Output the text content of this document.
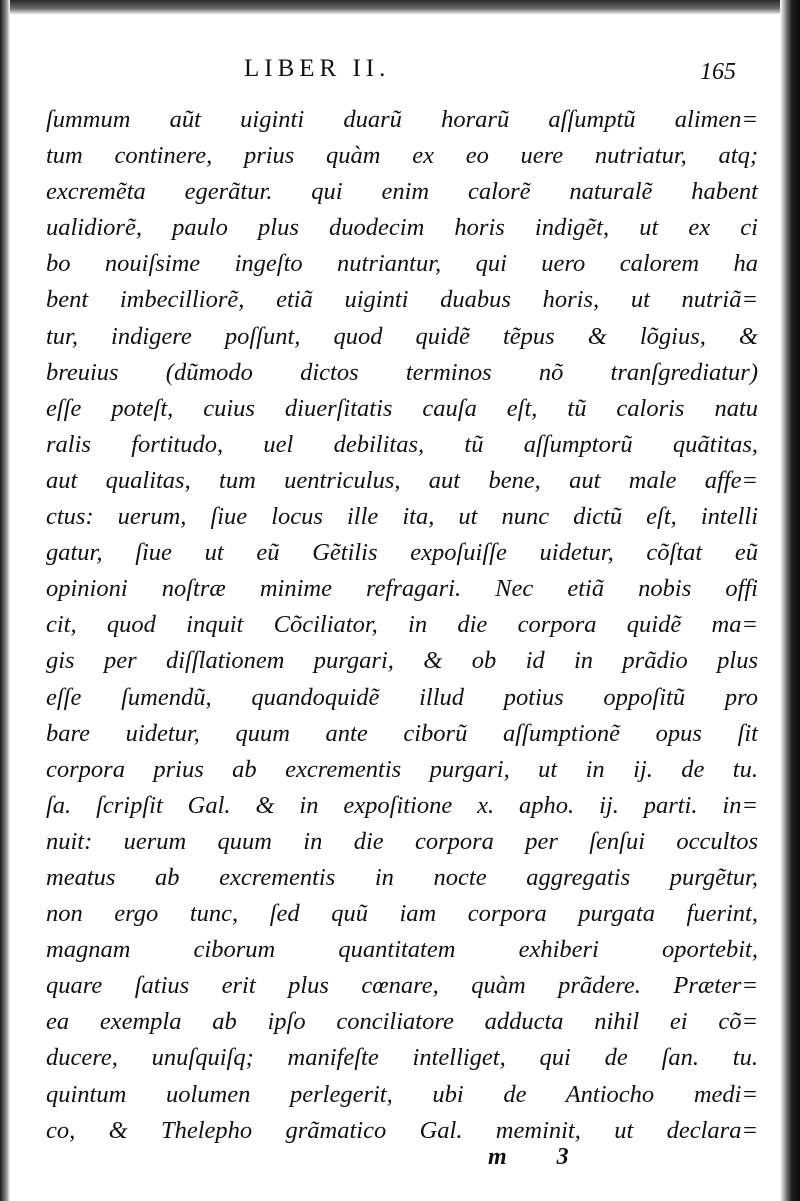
LIBER II.	165
ſummum aũt uiginti duarũ horarũ aſſumptũ alimen=
tum continere, prius quàm ex eo uere nutriatur, atq;
excremẽta egerãtur. qui enim calorẽ naturalẽ habent
ualidiorẽ, paulo plus duodecim horis indigẽt, ut ex ci
bo nouiſsime ingeſto nutriantur, qui uero calorem ha
bent imbecilliorẽ, etiã uiginti duabus horis, ut nutriã=
tur, indigere poſſunt, quod quidẽ tẽpus & lõgius, &
breuius (dũmodo dictos terminos nõ tranſgrediatur)
eſſe poteſt, cuius diuerſitatis cauſa eſt, tũ caloris natu
ralis fortitudo, uel debilitas, tũ aſſumptorũ quãtitas,
aut qualitas, tum uentriculus, aut bene, aut male affe=
ctus: uerum, ſiue locus ille ita, ut nunc dictũ eſt, intelli
gatur, ſiue ut eũ Gẽtilis expoſuiſſe uidetur, cõſtat eũ
opinioni noſtræ minime refragari. Nec etiã nobis offi
cit, quod inquit Cõciliator, in die corpora quidẽ ma=
gis per diſſlationem purgari, & ob id in prãdio plus
eſſe ſumendũ, quandoquidẽ illud potius oppoſitũ pro
bare uidetur, quum ante ciborũ aſſumptionẽ opus ſit
corpora prius ab excrementis purgari, ut in ij. de tu.
ſa. ſcripſit Gal. & in expoſitione x. apho. ij. parti. in=
nuit: uerum quum in die corpora per ſenſui occultos
meatus ab excrementis in nocte aggregatis purgẽtur,
non ergo tunc, ſed quũ iam corpora purgata fuerint,
magnam ciborum quantitatem exhiberi oportebit,
quare ſatius erit plus cœnare, quàm prãdere. Præter=
ea exempla ab ipſo conciliatore adducta nihil ei cõ=
ducere, unuſquiſq; manifeſte intelliget, qui de ſan. tu.
quintum uolumen perlegerit, ubi de Antiocho medi=
co, & Thelepho grãmatico Gal. meminit, ut declara=
m 3
